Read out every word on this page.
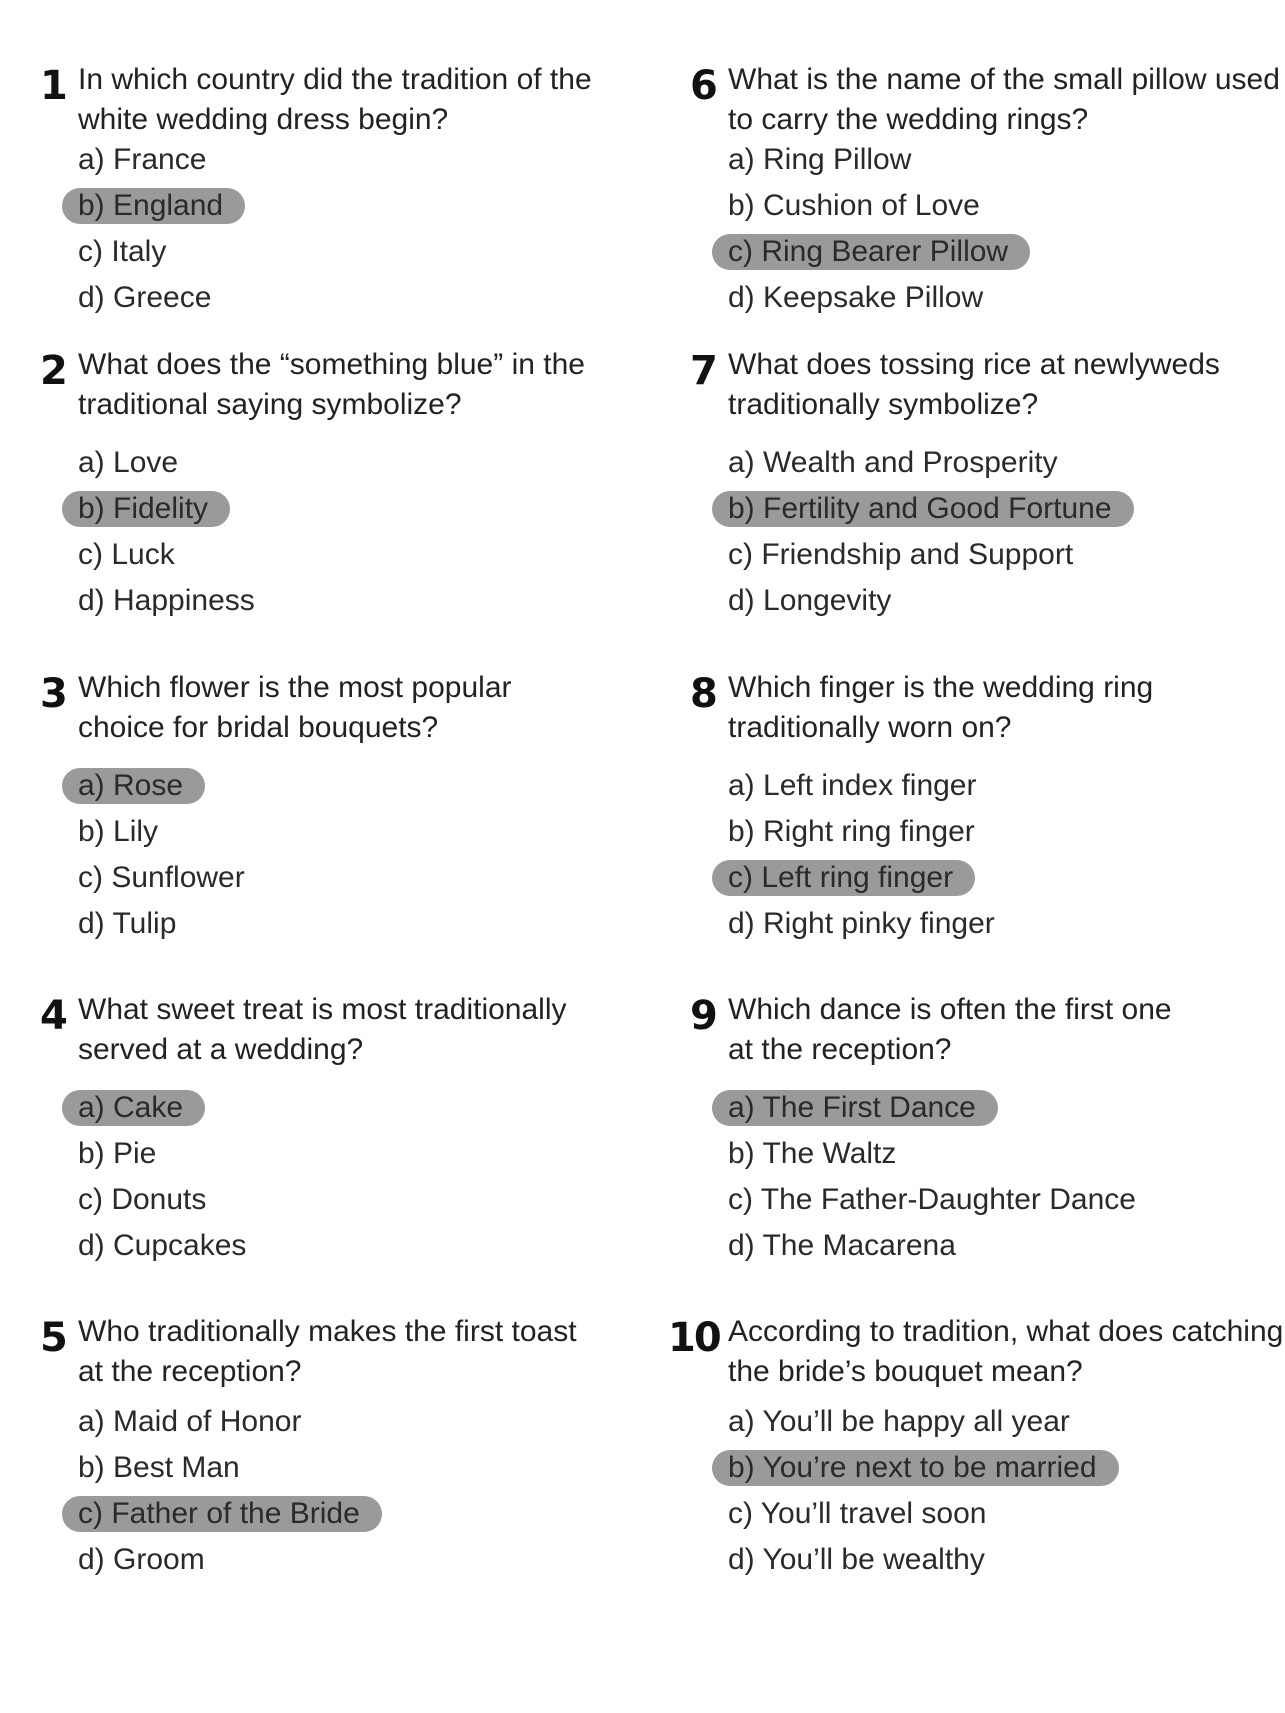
1 In which country did the tradition of the white wedding dress begin?
a) France
b) England
c) Italy
d) Greece
2 What does the “something blue” in the traditional saying symbolize?
a) Love
b) Fidelity
c) Luck
d) Happiness
3 Which flower is the most popular choice for bridal bouquets?
a) Rose
b) Lily
c) Sunflower
d) Tulip
4 What sweet treat is most traditionally served at a wedding?
a) Cake
b) Pie
c) Donuts
d) Cupcakes
5 Who traditionally makes the first toast at the reception?
a) Maid of Honor
b) Best Man
c) Father of the Bride
d) Groom
6 What is the name of the small pillow used to carry the wedding rings?
a) Ring Pillow
b) Cushion of Love
c) Ring Bearer Pillow
d) Keepsake Pillow
7 What does tossing rice at newlyweds traditionally symbolize?
a) Wealth and Prosperity
b) Fertility and Good Fortune
c) Friendship and Support
d) Longevity
8 Which finger is the wedding ring traditionally worn on?
a) Left index finger
b) Right ring finger
c) Left ring finger
d) Right pinky finger
9 Which dance is often the first one at the reception?
a) The First Dance
b) The Waltz
c) The Father-Daughter Dance
d) The Macarena
10 According to tradition, what does catching the bride’s bouquet mean?
a) You’ll be happy all year
b) You’re next to be married
c) You’ll travel soon
d) You’ll be wealthy
